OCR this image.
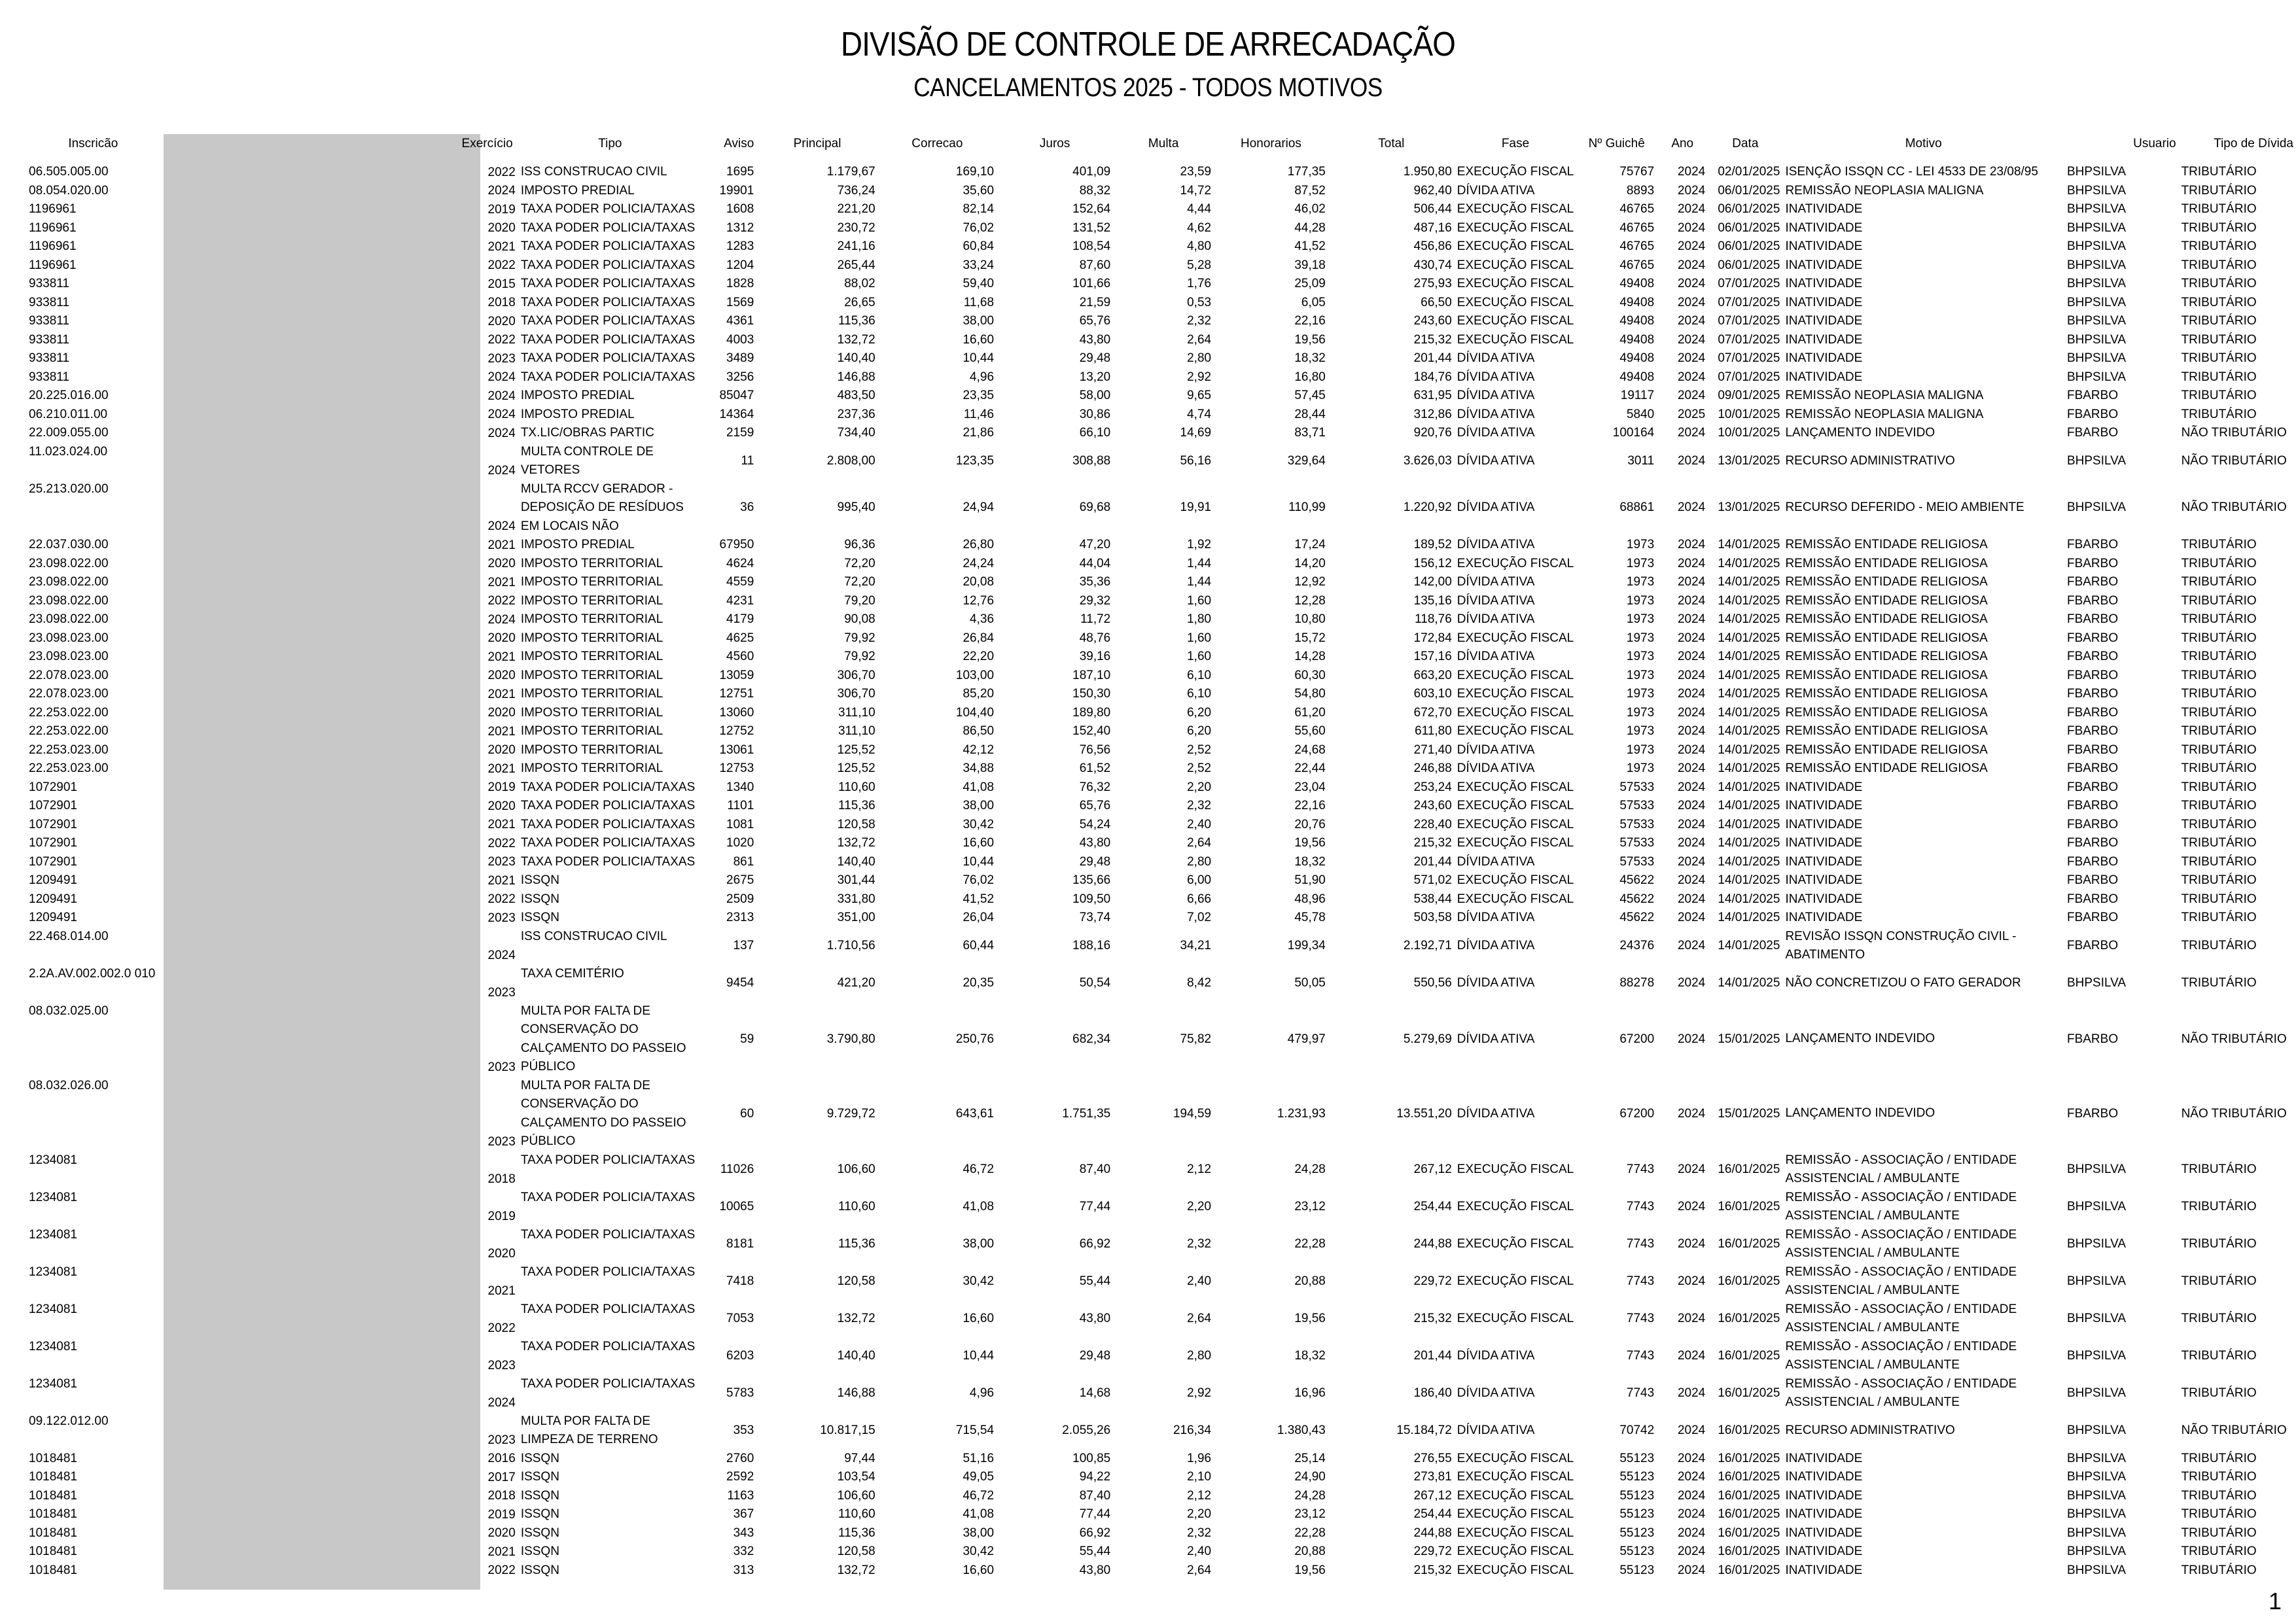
DIVISÃO DE CONTROLE DE ARRECADAÇÃO
CANCELAMENTOS 2025 - TODOS MOTIVOS
Inscricão		Exercício	Tipo	Aviso	Principal	Correcao	Juros	Multa	Honorarios	Total	Fase	Nº Guichê	Ano	Data	Motivo	Usuario	Tipo de Dívida
06.505.005.00		2022	ISS CONSTRUCAO CIVIL	1695	1.179,67	169,10	401,09	23,59	177,35	1.950,80	EXECUÇÃO FISCAL	75767	2024	02/01/2025	ISENÇÃO ISSQN CC - LEI 4533 DE 23/08/95	BHPSILVA	TRIBUTÁRIO
08.054.020.00		2024	IMPOSTO PREDIAL	19901	736,24	35,60	88,32	14,72	87,52	962,40	DÍVIDA ATIVA	8893	2024	06/01/2025	REMISSÃO NEOPLASIA MALIGNA	BHPSILVA	TRIBUTÁRIO
1196961		2019	TAXA PODER POLICIA/TAXAS	1608	221,20	82,14	152,64	4,44	46,02	506,44	EXECUÇÃO FISCAL	46765	2024	06/01/2025	INATIVIDADE	BHPSILVA	TRIBUTÁRIO
1196961		2020	TAXA PODER POLICIA/TAXAS	1312	230,72	76,02	131,52	4,62	44,28	487,16	EXECUÇÃO FISCAL	46765	2024	06/01/2025	INATIVIDADE	BHPSILVA	TRIBUTÁRIO
1196961		2021	TAXA PODER POLICIA/TAXAS	1283	241,16	60,84	108,54	4,80	41,52	456,86	EXECUÇÃO FISCAL	46765	2024	06/01/2025	INATIVIDADE	BHPSILVA	TRIBUTÁRIO
1196961		2022	TAXA PODER POLICIA/TAXAS	1204	265,44	33,24	87,60	5,28	39,18	430,74	EXECUÇÃO FISCAL	46765	2024	06/01/2025	INATIVIDADE	BHPSILVA	TRIBUTÁRIO
933811		2015	TAXA PODER POLICIA/TAXAS	1828	88,02	59,40	101,66	1,76	25,09	275,93	EXECUÇÃO FISCAL	49408	2024	07/01/2025	INATIVIDADE	BHPSILVA	TRIBUTÁRIO
933811		2018	TAXA PODER POLICIA/TAXAS	1569	26,65	11,68	21,59	0,53	6,05	66,50	EXECUÇÃO FISCAL	49408	2024	07/01/2025	INATIVIDADE	BHPSILVA	TRIBUTÁRIO
933811		2020	TAXA PODER POLICIA/TAXAS	4361	115,36	38,00	65,76	2,32	22,16	243,60	EXECUÇÃO FISCAL	49408	2024	07/01/2025	INATIVIDADE	BHPSILVA	TRIBUTÁRIO
933811		2022	TAXA PODER POLICIA/TAXAS	4003	132,72	16,60	43,80	2,64	19,56	215,32	EXECUÇÃO FISCAL	49408	2024	07/01/2025	INATIVIDADE	BHPSILVA	TRIBUTÁRIO
933811		2023	TAXA PODER POLICIA/TAXAS	3489	140,40	10,44	29,48	2,80	18,32	201,44	DÍVIDA ATIVA	49408	2024	07/01/2025	INATIVIDADE	BHPSILVA	TRIBUTÁRIO
933811		2024	TAXA PODER POLICIA/TAXAS	3256	146,88	4,96	13,20	2,92	16,80	184,76	DÍVIDA ATIVA	49408	2024	07/01/2025	INATIVIDADE	BHPSILVA	TRIBUTÁRIO
20.225.016.00		2024	IMPOSTO PREDIAL	85047	483,50	23,35	58,00	9,65	57,45	631,95	DÍVIDA ATIVA	19117	2024	09/01/2025	REMISSÃO NEOPLASIA MALIGNA	FBARBO	TRIBUTÁRIO
06.210.011.00		2024	IMPOSTO PREDIAL	14364	237,36	11,46	30,86	4,74	28,44	312,86	DÍVIDA ATIVA	5840	2025	10/01/2025	REMISSÃO NEOPLASIA MALIGNA	FBARBO	TRIBUTÁRIO
22.009.055.00		2024	TX.LIC/OBRAS PARTIC	2159	734,40	21,86	66,10	14,69	83,71	920,76	DÍVIDA ATIVA	100164	2024	10/01/2025	LANÇAMENTO INDEVIDO	FBARBO	NÃO TRIBUTÁRIO
11.023.024.00		2024	MULTA CONTROLE DE VETORES	11	2.808,00	123,35	308,88	56,16	329,64	3.626,03	DÍVIDA ATIVA	3011	2024	13/01/2025	RECURSO ADMINISTRATIVO	BHPSILVA	NÃO TRIBUTÁRIO
25.213.020.00		2024	MULTA RCCV GERADOR - DEPOSIÇÃO DE RESÍDUOS EM LOCAIS NÃO	36	995,40	24,94	69,68	19,91	110,99	1.220,92	DÍVIDA ATIVA	68861	2024	13/01/2025	RECURSO DEFERIDO - MEIO AMBIENTE	BHPSILVA	NÃO TRIBUTÁRIO
22.037.030.00		2021	IMPOSTO PREDIAL	67950	96,36	26,80	47,20	1,92	17,24	189,52	DÍVIDA ATIVA	1973	2024	14/01/2025	REMISSÃO ENTIDADE RELIGIOSA	FBARBO	TRIBUTÁRIO
23.098.022.00		2020	IMPOSTO TERRITORIAL	4624	72,20	24,24	44,04	1,44	14,20	156,12	EXECUÇÃO FISCAL	1973	2024	14/01/2025	REMISSÃO ENTIDADE RELIGIOSA	FBARBO	TRIBUTÁRIO
23.098.022.00		2021	IMPOSTO TERRITORIAL	4559	72,20	20,08	35,36	1,44	12,92	142,00	DÍVIDA ATIVA	1973	2024	14/01/2025	REMISSÃO ENTIDADE RELIGIOSA	FBARBO	TRIBUTÁRIO
23.098.022.00		2022	IMPOSTO TERRITORIAL	4231	79,20	12,76	29,32	1,60	12,28	135,16	DÍVIDA ATIVA	1973	2024	14/01/2025	REMISSÃO ENTIDADE RELIGIOSA	FBARBO	TRIBUTÁRIO
23.098.022.00		2024	IMPOSTO TERRITORIAL	4179	90,08	4,36	11,72	1,80	10,80	118,76	DÍVIDA ATIVA	1973	2024	14/01/2025	REMISSÃO ENTIDADE RELIGIOSA	FBARBO	TRIBUTÁRIO
23.098.023.00		2020	IMPOSTO TERRITORIAL	4625	79,92	26,84	48,76	1,60	15,72	172,84	EXECUÇÃO FISCAL	1973	2024	14/01/2025	REMISSÃO ENTIDADE RELIGIOSA	FBARBO	TRIBUTÁRIO
23.098.023.00		2021	IMPOSTO TERRITORIAL	4560	79,92	22,20	39,16	1,60	14,28	157,16	DÍVIDA ATIVA	1973	2024	14/01/2025	REMISSÃO ENTIDADE RELIGIOSA	FBARBO	TRIBUTÁRIO
22.078.023.00		2020	IMPOSTO TERRITORIAL	13059	306,70	103,00	187,10	6,10	60,30	663,20	EXECUÇÃO FISCAL	1973	2024	14/01/2025	REMISSÃO ENTIDADE RELIGIOSA	FBARBO	TRIBUTÁRIO
22.078.023.00		2021	IMPOSTO TERRITORIAL	12751	306,70	85,20	150,30	6,10	54,80	603,10	EXECUÇÃO FISCAL	1973	2024	14/01/2025	REMISSÃO ENTIDADE RELIGIOSA	FBARBO	TRIBUTÁRIO
22.253.022.00		2020	IMPOSTO TERRITORIAL	13060	311,10	104,40	189,80	6,20	61,20	672,70	EXECUÇÃO FISCAL	1973	2024	14/01/2025	REMISSÃO ENTIDADE RELIGIOSA	FBARBO	TRIBUTÁRIO
22.253.022.00		2021	IMPOSTO TERRITORIAL	12752	311,10	86,50	152,40	6,20	55,60	611,80	EXECUÇÃO FISCAL	1973	2024	14/01/2025	REMISSÃO ENTIDADE RELIGIOSA	FBARBO	TRIBUTÁRIO
22.253.023.00		2020	IMPOSTO TERRITORIAL	13061	125,52	42,12	76,56	2,52	24,68	271,40	DÍVIDA ATIVA	1973	2024	14/01/2025	REMISSÃO ENTIDADE RELIGIOSA	FBARBO	TRIBUTÁRIO
22.253.023.00		2021	IMPOSTO TERRITORIAL	12753	125,52	34,88	61,52	2,52	22,44	246,88	DÍVIDA ATIVA	1973	2024	14/01/2025	REMISSÃO ENTIDADE RELIGIOSA	FBARBO	TRIBUTÁRIO
1072901		2019	TAXA PODER POLICIA/TAXAS	1340	110,60	41,08	76,32	2,20	23,04	253,24	EXECUÇÃO FISCAL	57533	2024	14/01/2025	INATIVIDADE	FBARBO	TRIBUTÁRIO
1072901		2020	TAXA PODER POLICIA/TAXAS	1101	115,36	38,00	65,76	2,32	22,16	243,60	EXECUÇÃO FISCAL	57533	2024	14/01/2025	INATIVIDADE	FBARBO	TRIBUTÁRIO
1072901		2021	TAXA PODER POLICIA/TAXAS	1081	120,58	30,42	54,24	2,40	20,76	228,40	EXECUÇÃO FISCAL	57533	2024	14/01/2025	INATIVIDADE	FBARBO	TRIBUTÁRIO
1072901		2022	TAXA PODER POLICIA/TAXAS	1020	132,72	16,60	43,80	2,64	19,56	215,32	EXECUÇÃO FISCAL	57533	2024	14/01/2025	INATIVIDADE	FBARBO	TRIBUTÁRIO
1072901		2023	TAXA PODER POLICIA/TAXAS	861	140,40	10,44	29,48	2,80	18,32	201,44	DÍVIDA ATIVA	57533	2024	14/01/2025	INATIVIDADE	FBARBO	TRIBUTÁRIO
1209491		2021	ISSQN	2675	301,44	76,02	135,66	6,00	51,90	571,02	EXECUÇÃO FISCAL	45622	2024	14/01/2025	INATIVIDADE	FBARBO	TRIBUTÁRIO
1209491		2022	ISSQN	2509	331,80	41,52	109,50	6,66	48,96	538,44	EXECUÇÃO FISCAL	45622	2024	14/01/2025	INATIVIDADE	FBARBO	TRIBUTÁRIO
1209491		2023	ISSQN	2313	351,00	26,04	73,74	7,02	45,78	503,58	DÍVIDA ATIVA	45622	2024	14/01/2025	INATIVIDADE	FBARBO	TRIBUTÁRIO
22.468.014.00		2024	ISS CONSTRUCAO CIVIL	137	1.710,56	60,44	188,16	34,21	199,34	2.192,71	DÍVIDA ATIVA	24376	2024	14/01/2025	REVISÃO ISSQN CONSTRUÇÃO CIVIL - ABATIMENTO	FBARBO	TRIBUTÁRIO
2.2A.AV.002.002.0 010		2023	TAXA CEMITÉRIO	9454	421,20	20,35	50,54	8,42	50,05	550,56	DÍVIDA ATIVA	88278	2024	14/01/2025	NÃO CONCRETIZOU O FATO GERADOR	BHPSILVA	TRIBUTÁRIO
08.032.025.00		2023	MULTA POR FALTA DE CONSERVAÇÃO DO CALÇAMENTO DO PASSEIO PÚBLICO	59	3.790,80	250,76	682,34	75,82	479,97	5.279,69	DÍVIDA ATIVA	67200	2024	15/01/2025	LANÇAMENTO INDEVIDO	FBARBO	NÃO TRIBUTÁRIO
08.032.026.00		2023	MULTA POR FALTA DE CONSERVAÇÃO DO CALÇAMENTO DO PASSEIO PÚBLICO	60	9.729,72	643,61	1.751,35	194,59	1.231,93	13.551,20	DÍVIDA ATIVA	67200	2024	15/01/2025	LANÇAMENTO INDEVIDO	FBARBO	NÃO TRIBUTÁRIO
1234081		2018	TAXA PODER POLICIA/TAXAS	11026	106,60	46,72	87,40	2,12	24,28	267,12	EXECUÇÃO FISCAL	7743	2024	16/01/2025	REMISSÃO - ASSOCIAÇÃO / ENTIDADE ASSISTENCIAL / AMBULANTE	BHPSILVA	TRIBUTÁRIO
1234081		2019	TAXA PODER POLICIA/TAXAS	10065	110,60	41,08	77,44	2,20	23,12	254,44	EXECUÇÃO FISCAL	7743	2024	16/01/2025	REMISSÃO - ASSOCIAÇÃO / ENTIDADE ASSISTENCIAL / AMBULANTE	BHPSILVA	TRIBUTÁRIO
1234081		2020	TAXA PODER POLICIA/TAXAS	8181	115,36	38,00	66,92	2,32	22,28	244,88	EXECUÇÃO FISCAL	7743	2024	16/01/2025	REMISSÃO - ASSOCIAÇÃO / ENTIDADE ASSISTENCIAL / AMBULANTE	BHPSILVA	TRIBUTÁRIO
1234081		2021	TAXA PODER POLICIA/TAXAS	7418	120,58	30,42	55,44	2,40	20,88	229,72	EXECUÇÃO FISCAL	7743	2024	16/01/2025	REMISSÃO - ASSOCIAÇÃO / ENTIDADE ASSISTENCIAL / AMBULANTE	BHPSILVA	TRIBUTÁRIO
1234081		2022	TAXA PODER POLICIA/TAXAS	7053	132,72	16,60	43,80	2,64	19,56	215,32	EXECUÇÃO FISCAL	7743	2024	16/01/2025	REMISSÃO - ASSOCIAÇÃO / ENTIDADE ASSISTENCIAL / AMBULANTE	BHPSILVA	TRIBUTÁRIO
1234081		2023	TAXA PODER POLICIA/TAXAS	6203	140,40	10,44	29,48	2,80	18,32	201,44	DÍVIDA ATIVA	7743	2024	16/01/2025	REMISSÃO - ASSOCIAÇÃO / ENTIDADE ASSISTENCIAL / AMBULANTE	BHPSILVA	TRIBUTÁRIO
1234081		2024	TAXA PODER POLICIA/TAXAS	5783	146,88	4,96	14,68	2,92	16,96	186,40	DÍVIDA ATIVA	7743	2024	16/01/2025	REMISSÃO - ASSOCIAÇÃO / ENTIDADE ASSISTENCIAL / AMBULANTE	BHPSILVA	TRIBUTÁRIO
09.122.012.00		2023	MULTA POR FALTA DE LIMPEZA DE TERRENO	353	10.817,15	715,54	2.055,26	216,34	1.380,43	15.184,72	DÍVIDA ATIVA	70742	2024	16/01/2025	RECURSO ADMINISTRATIVO	BHPSILVA	NÃO TRIBUTÁRIO
1018481		2016	ISSQN	2760	97,44	51,16	100,85	1,96	25,14	276,55	EXECUÇÃO FISCAL	55123	2024	16/01/2025	INATIVIDADE	BHPSILVA	TRIBUTÁRIO
1018481		2017	ISSQN	2592	103,54	49,05	94,22	2,10	24,90	273,81	EXECUÇÃO FISCAL	55123	2024	16/01/2025	INATIVIDADE	BHPSILVA	TRIBUTÁRIO
1018481		2018	ISSQN	1163	106,60	46,72	87,40	2,12	24,28	267,12	EXECUÇÃO FISCAL	55123	2024	16/01/2025	INATIVIDADE	BHPSILVA	TRIBUTÁRIO
1018481		2019	ISSQN	367	110,60	41,08	77,44	2,20	23,12	254,44	EXECUÇÃO FISCAL	55123	2024	16/01/2025	INATIVIDADE	BHPSILVA	TRIBUTÁRIO
1018481		2020	ISSQN	343	115,36	38,00	66,92	2,32	22,28	244,88	EXECUÇÃO FISCAL	55123	2024	16/01/2025	INATIVIDADE	BHPSILVA	TRIBUTÁRIO
1018481		2021	ISSQN	332	120,58	30,42	55,44	2,40	20,88	229,72	EXECUÇÃO FISCAL	55123	2024	16/01/2025	INATIVIDADE	BHPSILVA	TRIBUTÁRIO
1018481		2022	ISSQN	313	132,72	16,60	43,80	2,64	19,56	215,32	EXECUÇÃO FISCAL	55123	2024	16/01/2025	INATIVIDADE	BHPSILVA	TRIBUTÁRIO
1
